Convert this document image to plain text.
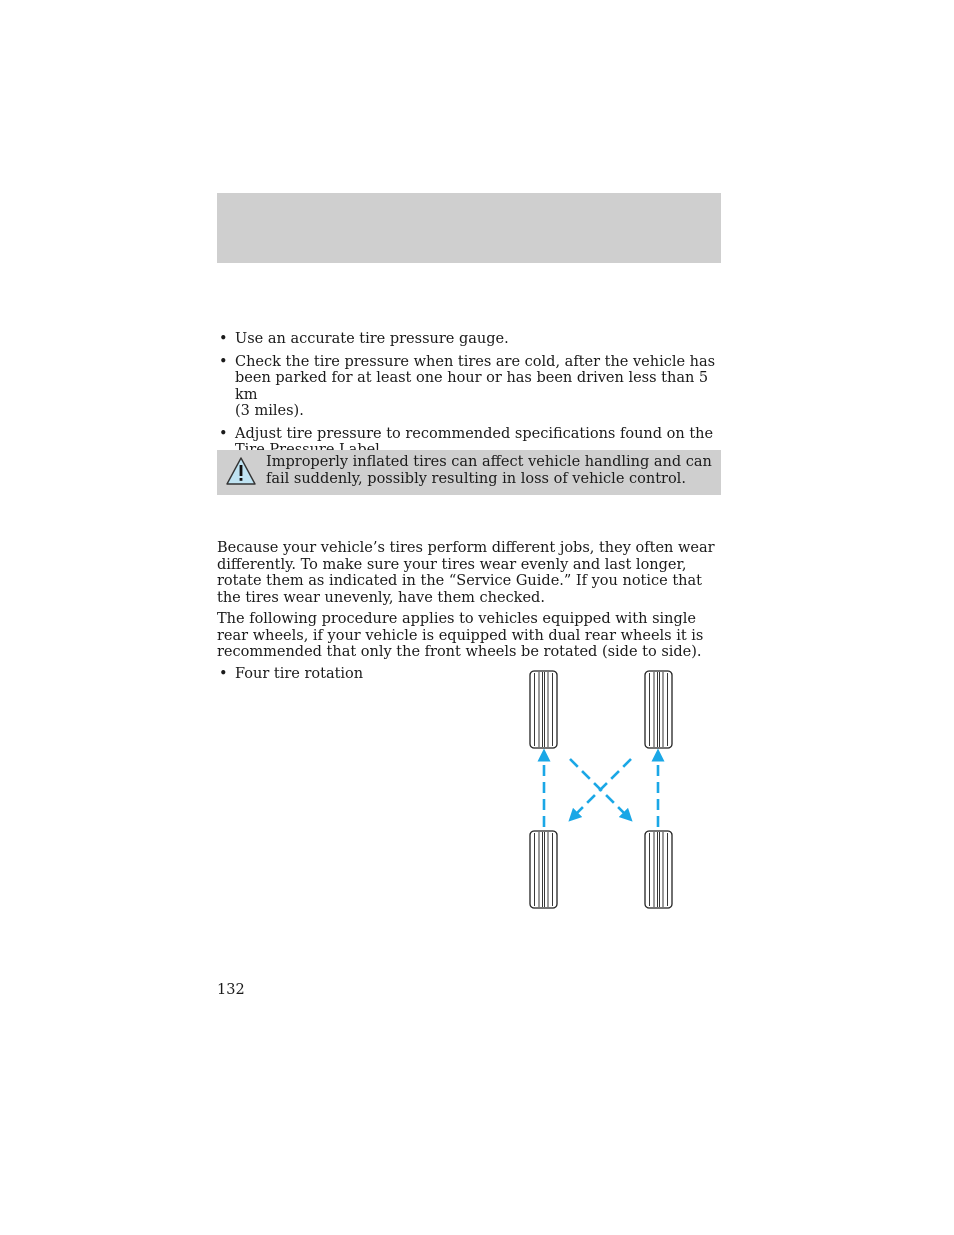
• Use an accurate tire pressure gauge.
• Check the tire pressure when tires are cold, after the vehicle has been parked for at least one hour or has been driven less than 5 km
(3 miles).
• Adjust tire pressure to recommended specifications found on the
Improperly inflated tires can affect vehicle handling and can fail suddenly, possibly resulting in loss of vehicle control.
Because your vehicle’s tires perform different jobs, they often wear differently. To make sure your tires wear evenly and last longer, rotate them as indicated in the “Service Guide.” If you notice that the tires wear unevenly, have them checked.
The following procedure applies to vehicles equipped with single rear wheels, if your vehicle is equipped with dual rear wheels it is recommended that only the front wheels be rotated (side to side).
• Four tire rotation
132
